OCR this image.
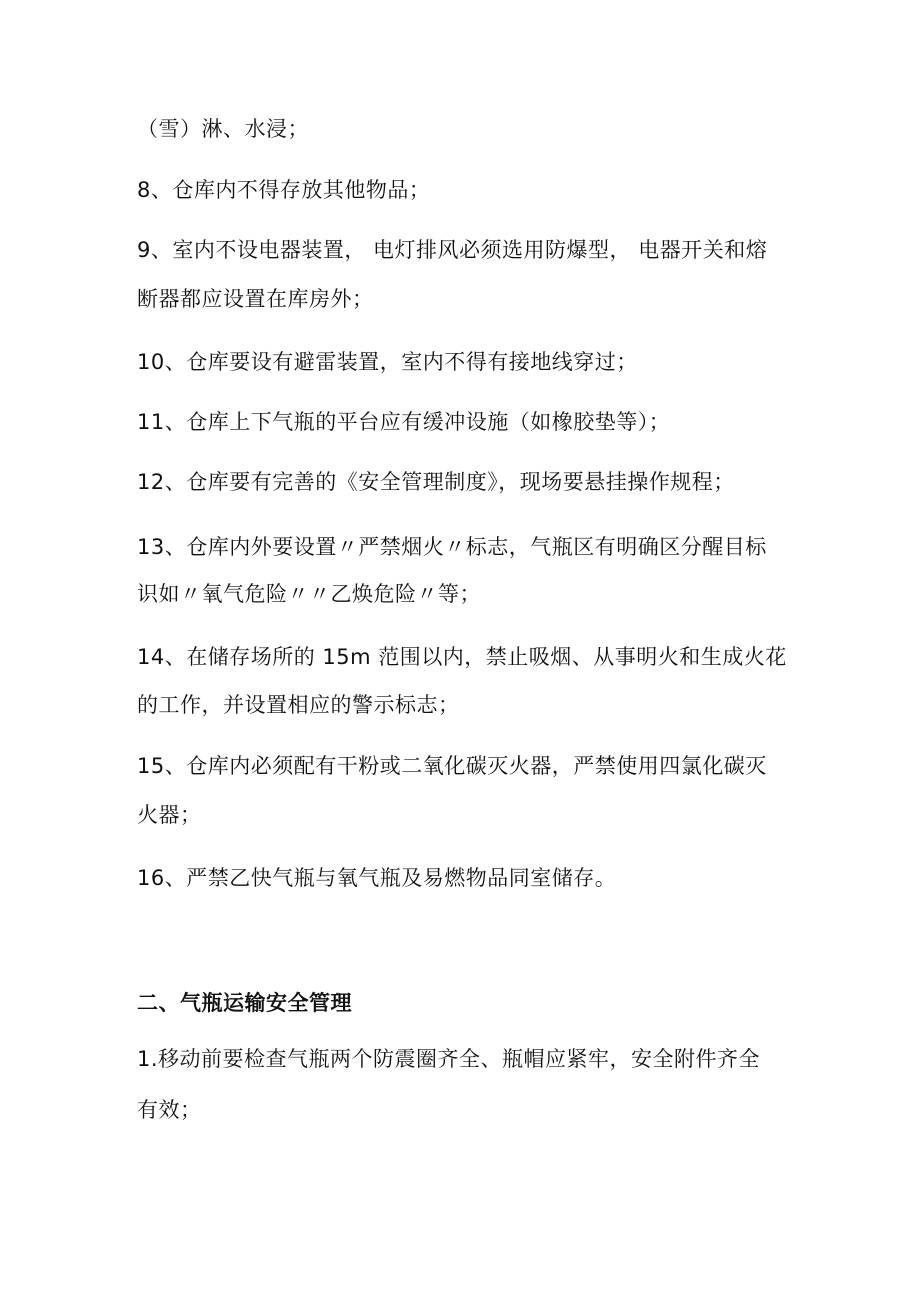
（雪）淋、水浸；
8、仓库内不得存放其他物品；
9、室内不设电器装置， 电灯排风必须选用防爆型， 电器开关和熔
断器都应设置在库房外；
10、仓库要设有避雷装置，室内不得有接地线穿过；
11、仓库上下气瓶的平台应有缓冲设施（如橡胶垫等）；
12、仓库要有完善的《安全管理制度》，现场要悬挂操作规程；
13、仓库内外要设置〃严禁烟火〃标志，气瓶区有明确区分醒目标
识如〃氧气危险〃〃乙焕危险〃等；
14、在储存场所的 15m 范围以内，禁止吸烟、从事明火和生成火花
的工作，并设置相应的警示标志；
15、仓库内必须配有干粉或二氧化碳灭火器，严禁使用四氯化碳灭
火器；
16、严禁乙快气瓶与氧气瓶及易燃物品同室储存。
二、气瓶运输安全管理
1.移动前要检查气瓶两个防震圈齐全、瓶帽应紧牢，安全附件齐全
有效；
